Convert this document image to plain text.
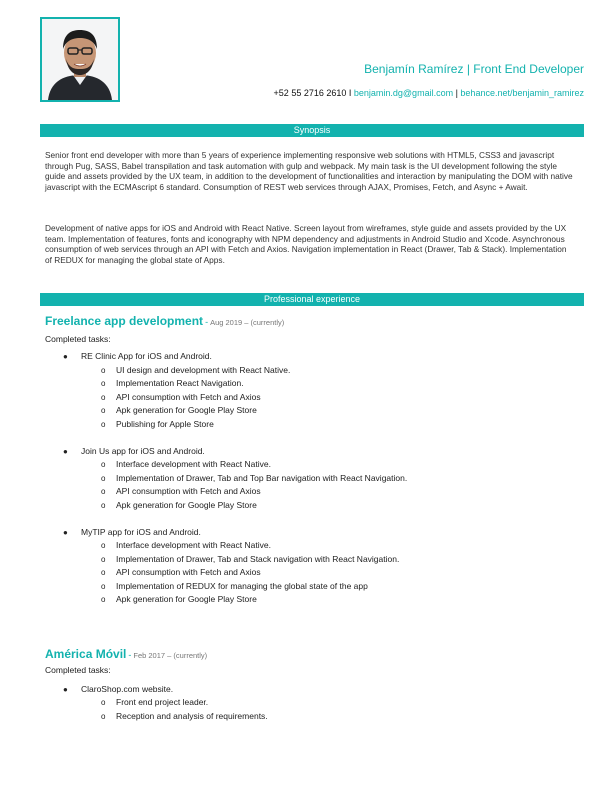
Benjamín Ramírez | Front End Developer
+52 55 2716 2610 I benjamin.dg@gmail.com | behance.net/benjamin_ramirez
Synopsis

Senior front end developer with more than 5 years of experience implementing responsive web solutions with HTML5, CSS3 and javascript through Pug, SASS, Babel transpilation and task automation with gulp and webpack. My main task is the UI development following the style guide and assets provided by the UX team, in addition to the development of functionalities and interaction by manipulating the DOM with native javascript with the ECMAscript 6 standard. Consumption of REST web services through AJAX, Promises, Fetch, and Async + Await.

Development of native apps for iOS and Android with React Native. Screen layout from wireframes, style guide and assets provided by the UX team. Implementation of features, fonts and iconography with NPM dependency and adjustments in Android Studio and Xcode. Asynchronous consumption of web services through an API with Fetch and Axios. Navigation implementation in React (Drawer, Tab & Stack). Implementation of REDUX for managing the global state of Apps.

Professional experience
Freelance app development - Aug 2019 – (currently)
Completed tasks:
● RE Clinic App for iOS and Android.
o UI design and development with React Native.
o Implementation React Navigation.
o API consumption with Fetch and Axios
o Apk generation for Google Play Store
o Publishing for Apple Store
● Join Us app for iOS and Android.
o Interface development with React Native.
o Implementation of Drawer, Tab and Top Bar navigation with React Navigation.
o API consumption with Fetch and Axios
o Apk generation for Google Play Store
● MyTIP app for iOS and Android.
o Interface development with React Native.
o Implementation of Drawer, Tab and Stack navigation with React Navigation.
o API consumption with Fetch and Axios
o Implementation of REDUX for managing the global state of the app
o Apk generation for Google Play Store
América Móvil - Feb 2017 – (currently)
Completed tasks:
● ClaroShop.com website.
o Front end project leader.
o Reception and analysis of requirements.
